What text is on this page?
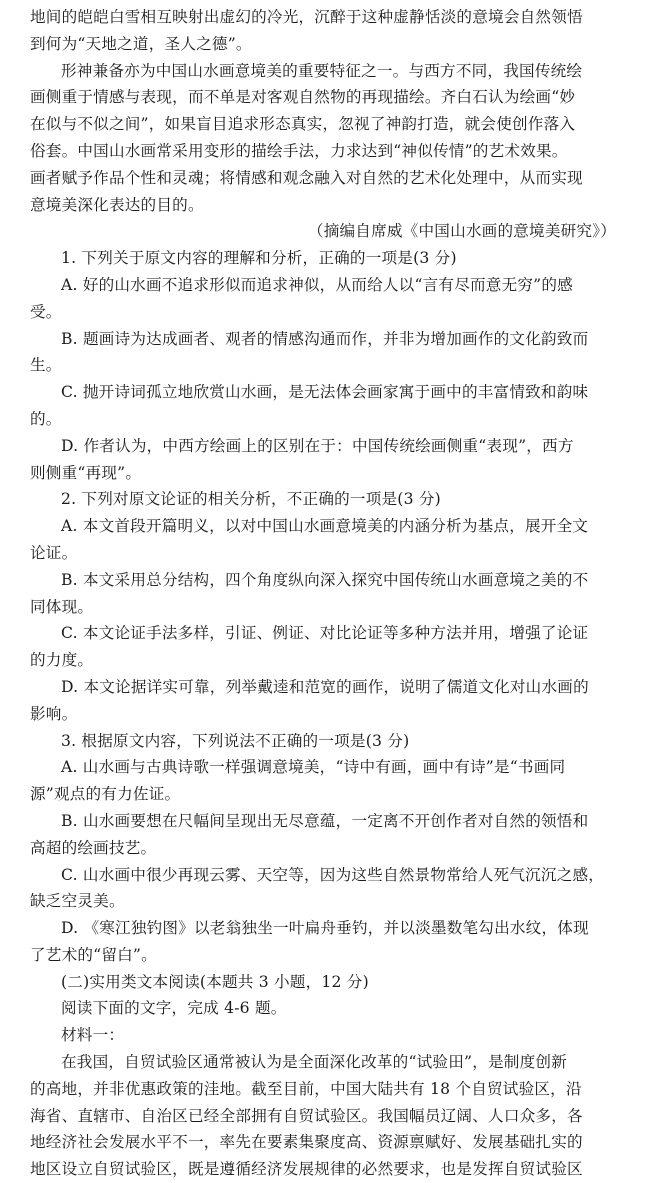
地间的皑皑白雪相互映射出虚幻的冷光，沉醉于这种虚静恬淡的意境会自然领悟
到何为“天地之道，圣人之德”。
形神兼备亦为中国山水画意境美的重要特征之一。与西方不同，我国传统绘
画侧重于情感与表现，而不单是对客观自然物的再现描绘。齐白石认为绘画“妙
在似与不似之间”，如果盲目追求形态真实，忽视了神韵打造，就会使创作落入
俗套。中国山水画常采用变形的描绘手法，力求达到“神似传情”的艺术效果。
画者赋予作品个性和灵魂；将情感和观念融入对自然的艺术化处理中，从而实现
意境美深化表达的目的。
（摘编自席威《中国山水画的意境美研究》）
1. 下列关于原文内容的理解和分析，正确的一项是(3 分)
A. 好的山水画不追求形似而追求神似，从而给人以“言有尽而意无穷”的感
受。
B. 题画诗为达成画者、观者的情感沟通而作，并非为增加画作的文化韵致而
生。
C. 抛开诗词孤立地欣赏山水画，是无法体会画家寓于画中的丰富情致和韵味
的。
D. 作者认为，中西方绘画上的区别在于：中国传统绘画侧重“表现”，西方
则侧重“再现”。
2. 下列对原文论证的相关分析，不正确的一项是(3 分)
A. 本文首段开篇明义，以对中国山水画意境美的内涵分析为基点，展开全文
论证。
B. 本文采用总分结构，四个角度纵向深入探究中国传统山水画意境之美的不
同体现。
C. 本文论证手法多样，引证、例证、对比论证等多种方法并用，增强了论证
的力度。
D. 本文论据详实可靠，列举戴逵和范宽的画作，说明了儒道文化对山水画的
影响。
3. 根据原文内容，下列说法不正确的一项是(3 分)
A. 山水画与古典诗歌一样强调意境美，“诗中有画，画中有诗”是“书画同
源”观点的有力佐证。
B. 山水画要想在尺幅间呈现出无尽意蕴，一定离不开创作者对自然的领悟和
高超的绘画技艺。
C. 山水画中很少再现云雾、天空等，因为这些自然景物常给人死气沉沉之感，
缺乏空灵美。
D. 《寒江独钓图》以老翁独坐一叶扁舟垂钓，并以淡墨数笔勾出水纹，体现
了艺术的“留白”。
(二)实用类文本阅读(本题共 3 小题，12 分)
阅读下面的文字，完成 4-6 题。
材料一：
在我国，自贸试验区通常被认为是全面深化改革的“试验田”，是制度创新
的高地，并非优惠政策的洼地。截至目前，中国大陆共有 18 个自贸试验区，沿
海省、直辖市、自治区已经全部拥有自贸试验区。我国幅员辽阔、人口众多，各
地经济社会发展水平不一，率先在要素集聚度高、资源禀赋好、发展基础扎实的
地区设立自贸试验区，既是遵循经济发展规律的必然要求，也是发挥自贸试验区
